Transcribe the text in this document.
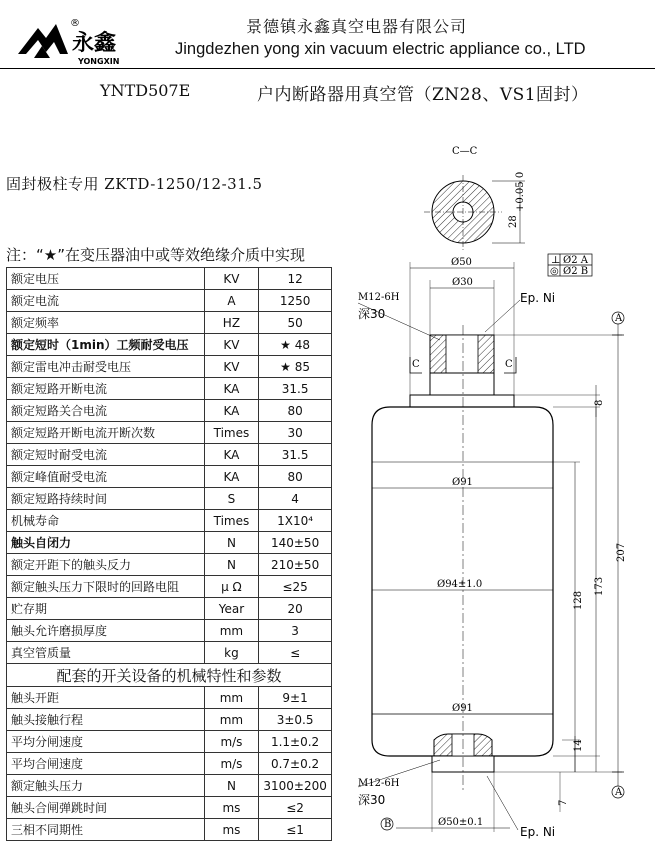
永鑫
YONGXIN
®	景德镇永鑫真空电器有限公司
Jingdezhen yong xin vacuum electric appliance co., LTD
YNTD507E	户内断路器用真空管（ZN28、VS1固封）
固封极柱专用 ZKTD-1250/12-31.5
注：“★”在变压器油中或等效绝缘介质中实现
额定电压	KV	12
额定电流	A	1250
额定频率	HZ	50
额定短时（1min）工频耐受电压	KV	★ 48
额定雷电冲击耐受电压	KV	★ 85
额定短路开断电流	KA	31.5
额定短路关合电流	KA	80
额定短路开断电流开断次数	Times	30
额定短时耐受电流	KA	31.5
额定峰值耐受电流	KA	80
额定短路持续时间	S	4
机械寿命	Times	1X10⁴
触头自闭力	N	140±50
额定开距下的触头反力	N	210±50
额定触头压力下限时的回路电阻	μ Ω	≤25
贮存期	Year	20
触头允许磨损厚度	mm	3
真空管质量	kg	≤
配套的开关设备的机械特性和参数		
触头开距	mm	9±1
触头接触行程	mm	3±0.5
平均分闸速度	m/s	1.1±0.2
平均合闸速度	m/s	0.7±0.2
额定触头压力	N	3100±200
触头合闸弹跳时间	ms	≤2
三相不同期性	ms	≤1
C—C
28
+0.05 0
⊥
◎
Ø2 A
Ø2 B
Ø50
Ø30
M12-6H
深30
Ep. Ni
C	C
A
8
207
173
128
14
A
Ø91
Ø94±1.0
Ø91
M12-6H
深30
Ø50±0.1
B
7
Ep. Ni
